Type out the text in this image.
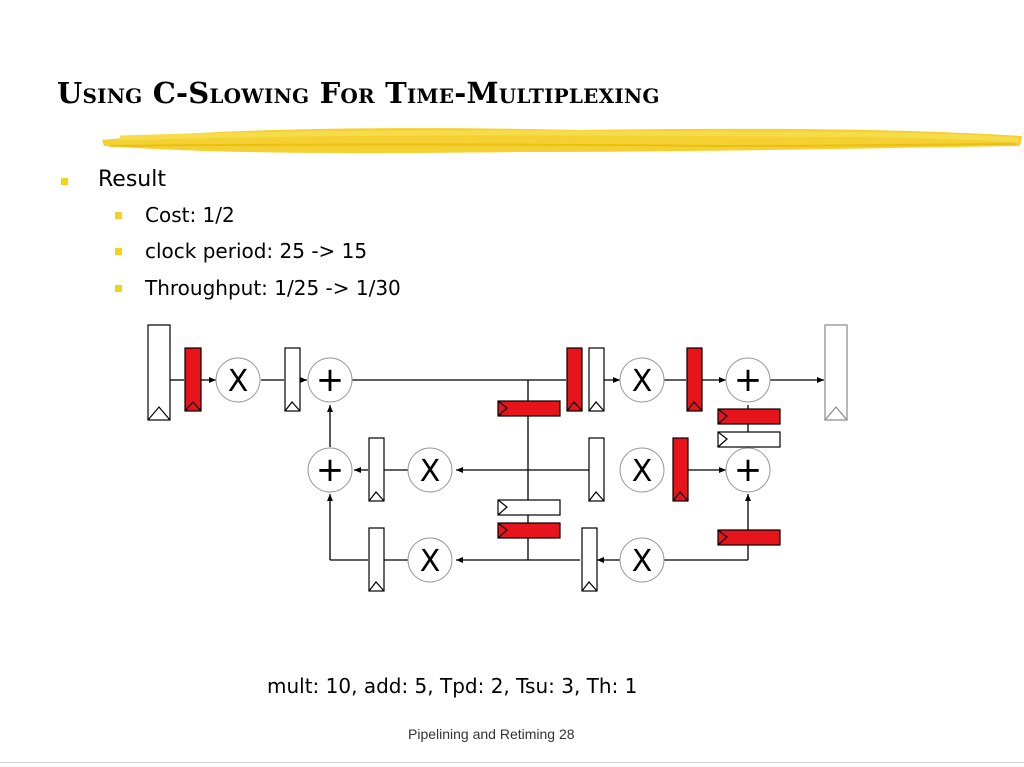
Using C-Slowing For Time-Multiplexing
Result
Cost: 1/2
clock period: 25 -> 15
Throughput: 1/25 -> 1/30
X +	X +
+	X	X +
X	X
mult: 10, add: 5, Tpd: 2, Tsu: 3, Th: 1
Pipelining and Retiming 28
